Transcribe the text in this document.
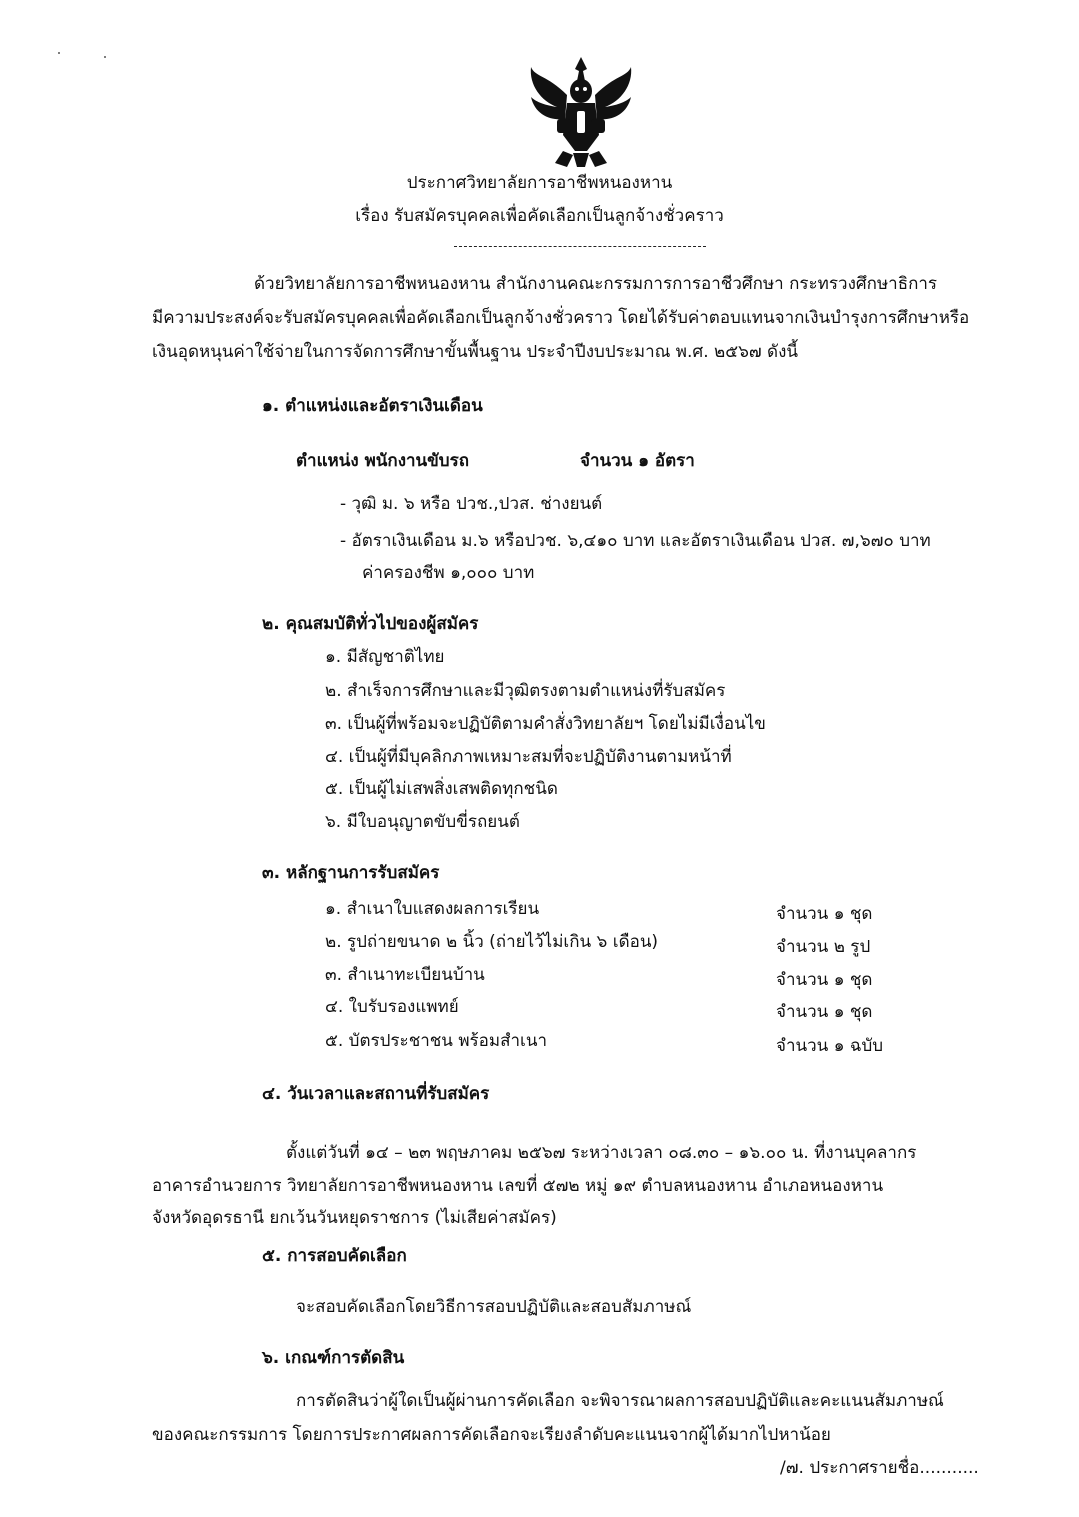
ประกาศวิทยาลัยการอาชีพหนองหาน
เรื่อง รับสมัครบุคคลเพื่อคัดเลือกเป็นลูกจ้างชั่วคราว
ด้วยวิทยาลัยการอาชีพหนองหาน สำนักงานคณะกรรมการการอาชีวศึกษา กระทรวงศึกษาธิการ
มีความประสงค์จะรับสมัครบุคคลเพื่อคัดเลือกเป็นลูกจ้างชั่วคราว โดยได้รับค่าตอบแทนจากเงินบำรุงการศึกษาหรือ
เงินอุดหนุนค่าใช้จ่ายในการจัดการศึกษาขั้นพื้นฐาน ประจำปีงบประมาณ พ.ศ. ๒๕๖๗ ดังนี้
๑. ตำแหน่งและอัตราเงินเดือน
ตำแหน่ง พนักงานขับรถ	จำนวน ๑ อัตรา
- วุฒิ ม. ๖ หรือ ปวช.,ปวส. ช่างยนต์
- อัตราเงินเดือน ม.๖ หรือปวช. ๖,๔๑๐ บาท และอัตราเงินเดือน ปวส. ๗,๖๗๐ บาท
ค่าครองชีพ ๑,๐๐๐ บาท
๒. คุณสมบัติทั่วไปของผู้สมัคร
๑. มีสัญชาติไทย
๒. สำเร็จการศึกษาและมีวุฒิตรงตามตำแหน่งที่รับสมัคร
๓. เป็นผู้ที่พร้อมจะปฏิบัติตามคำสั่งวิทยาลัยฯ โดยไม่มีเงื่อนไข
๔. เป็นผู้ที่มีบุคลิกภาพเหมาะสมที่จะปฏิบัติงานตามหน้าที่
๕. เป็นผู้ไม่เสพสิ่งเสพติดทุกชนิด
๖. มีใบอนุญาตขับขี่รถยนต์
๓. หลักฐานการรับสมัคร
๑. สำเนาใบแสดงผลการเรียน	จำนวน ๑ ชุด
๒. รูปถ่ายขนาด ๒ นิ้ว (ถ่ายไว้ไม่เกิน ๖ เดือน)	จำนวน ๒ รูป
๓. สำเนาทะเบียนบ้าน	จำนวน ๑ ชุด
๔. ใบรับรองแพทย์	จำนวน ๑ ชุด
๕. บัตรประชาชน พร้อมสำเนา	จำนวน ๑ ฉบับ
๔. วันเวลาและสถานที่รับสมัคร
ตั้งแต่วันที่ ๑๔ – ๒๓ พฤษภาคม ๒๕๖๗ ระหว่างเวลา ๐๘.๓๐ – ๑๖.๐๐ น. ที่งานบุคลากร
อาคารอำนวยการ วิทยาลัยการอาชีพหนองหาน เลขที่ ๕๗๒ หมู่ ๑๙ ตำบลหนองหาน อำเภอหนองหาน
จังหวัดอุดรธานี ยกเว้นวันหยุดราชการ (ไม่เสียค่าสมัคร)
๕. การสอบคัดเลือก
จะสอบคัดเลือกโดยวิธีการสอบปฏิบัติและสอบสัมภาษณ์
๖. เกณฑ์การตัดสิน
การตัดสินว่าผู้ใดเป็นผู้ผ่านการคัดเลือก จะพิจารณาผลการสอบปฏิบัติและคะแนนสัมภาษณ์
ของคณะกรรมการ โดยการประกาศผลการคัดเลือกจะเรียงลำดับคะแนนจากผู้ได้มากไปหาน้อย
/๗. ประกาศรายชื่อ...........
